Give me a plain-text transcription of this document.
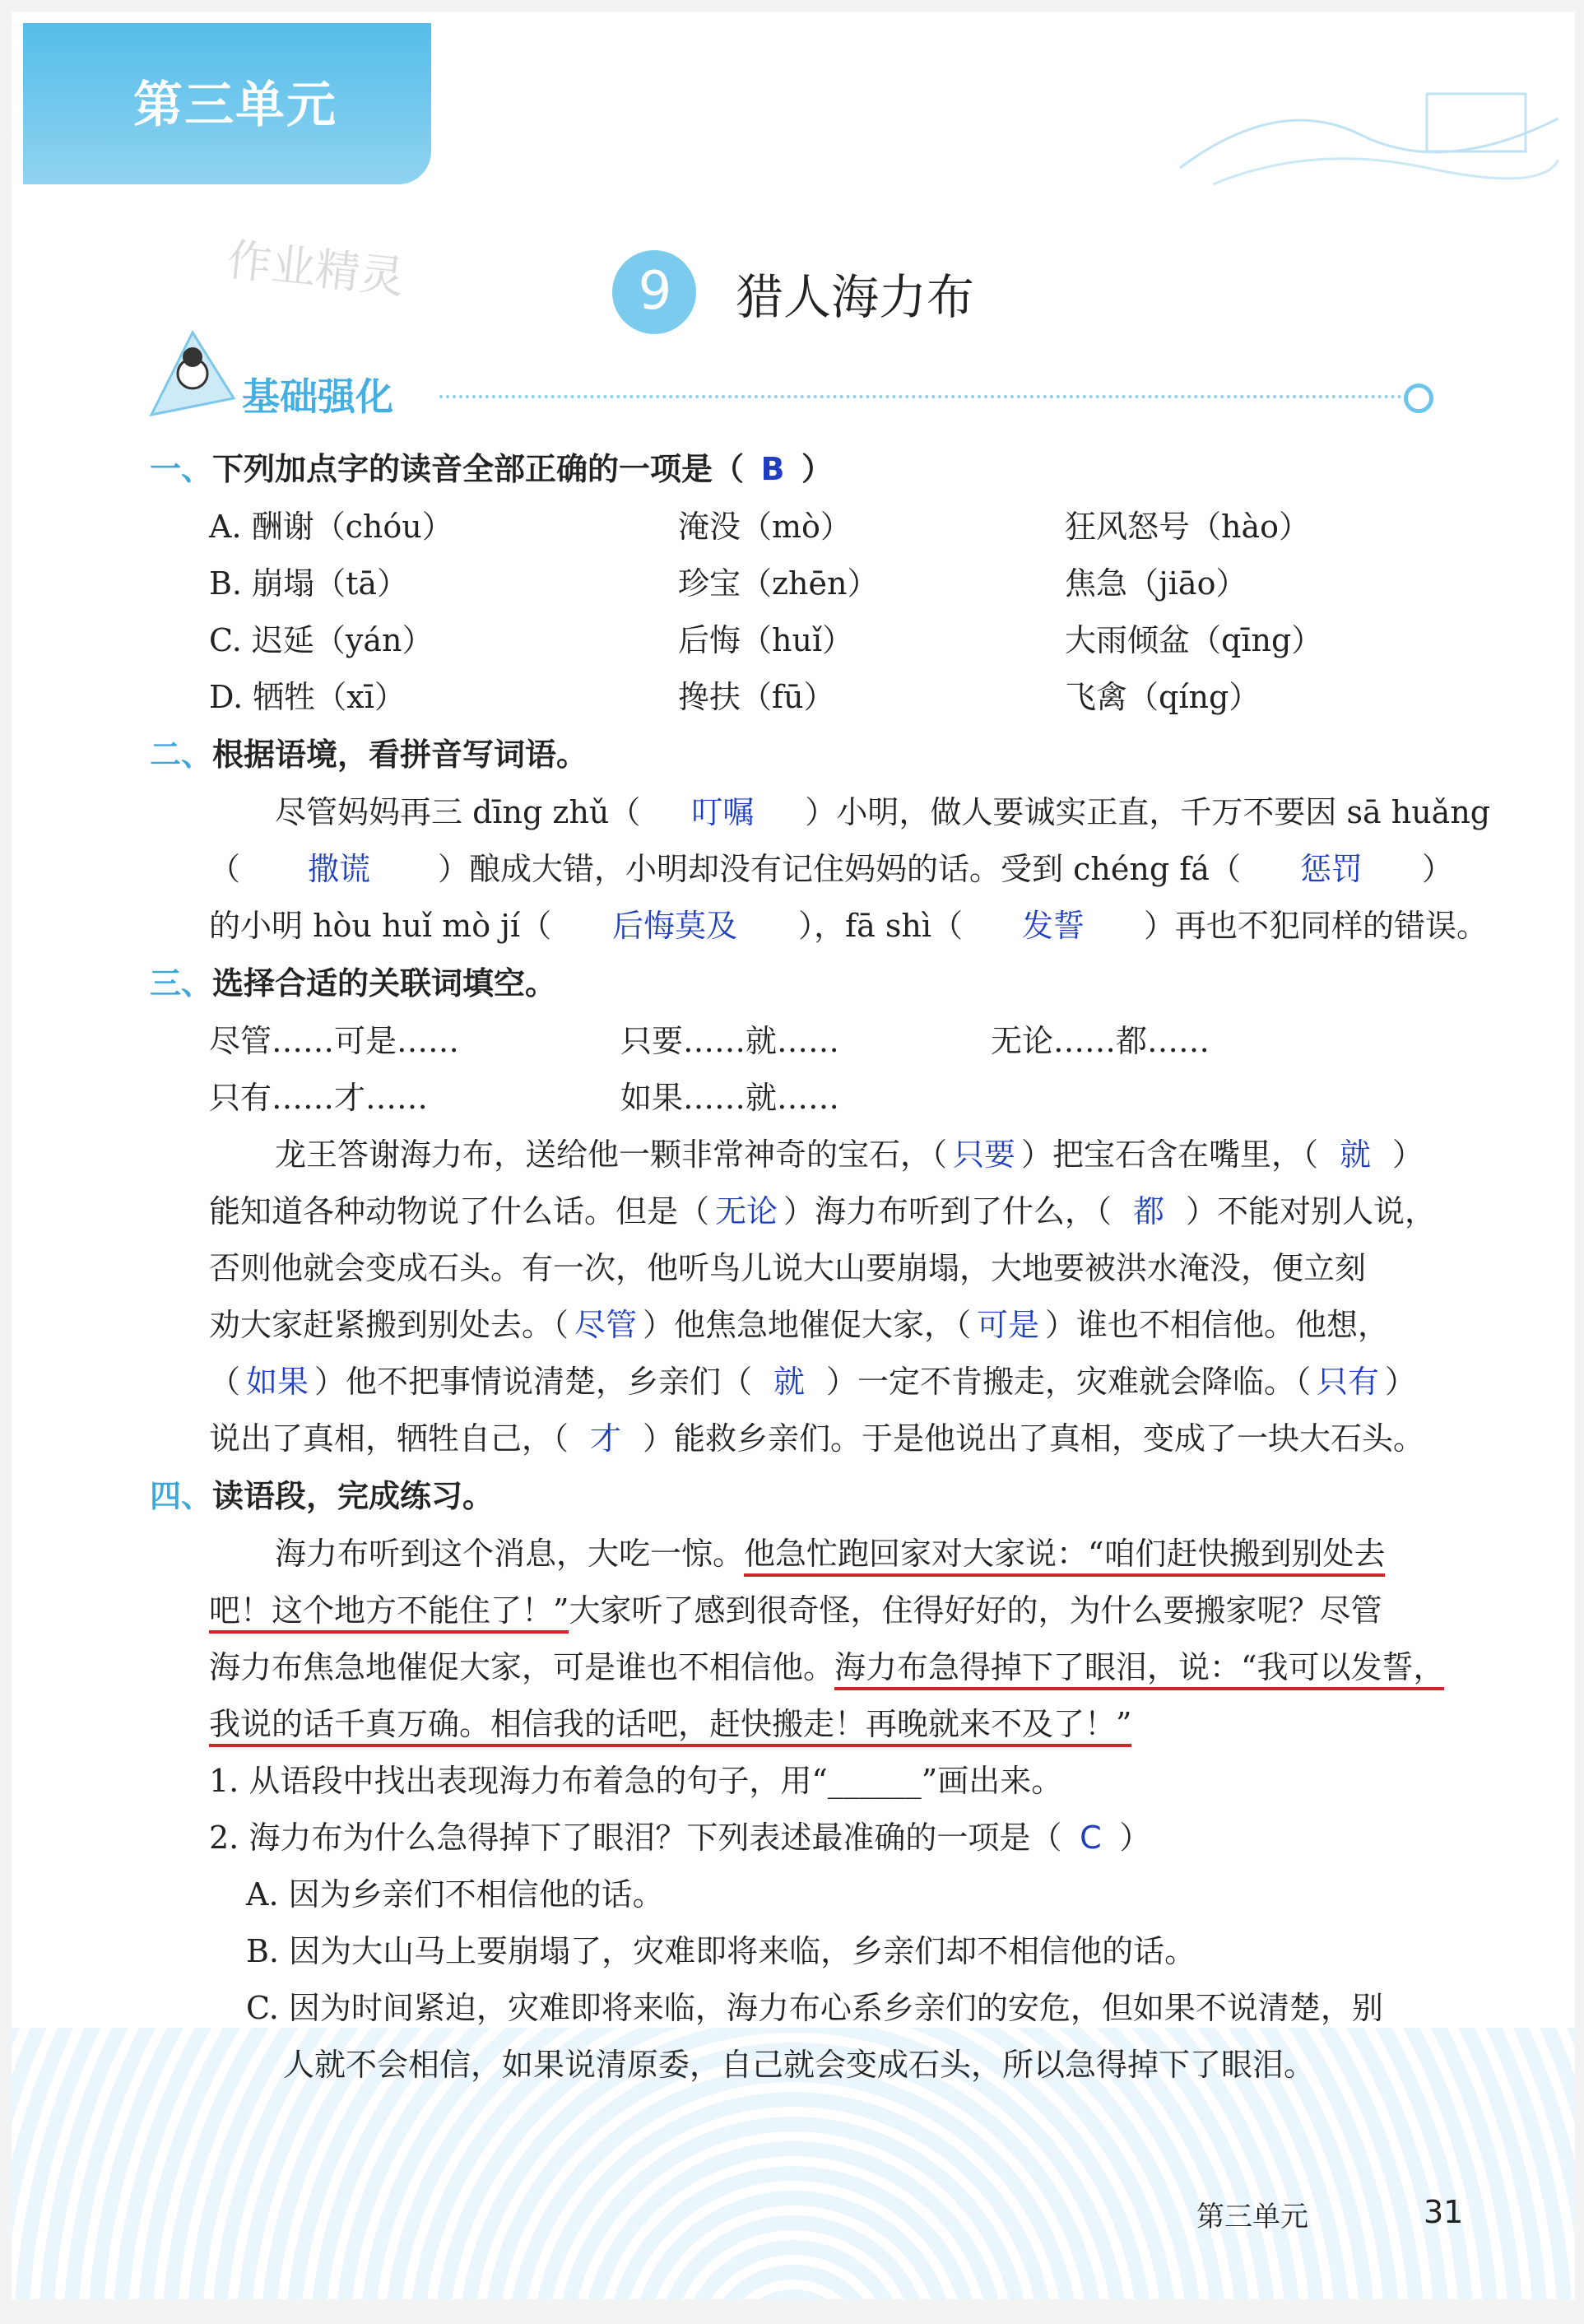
第三单元
作业精灵	9 猎人海力布
基础强化
一、下列加点字的读音全部正确的一项是（ B ）
A. 酬谢（chóu）	淹没（mò）	狂风怒号（hào）
B. 崩塌（tā）	珍宝（zhēn）	焦急（jiāo）
C. 迟延（yán）	后悔（huǐ）	大雨倾盆（qīng）
D. 牺牲（xī）	搀扶（fū）	飞禽（qíng）
二、根据语境，看拼音写词语。
尽管妈妈再三 dīng zhǔ（ 叮嘱 ）小明，做人要诚实正直，千万不要因 sā huǎng
（ 撒谎 ）酿成大错，小明却没有记住妈妈的话。受到 chéng fá（ 惩罚 ）
的小明 hòu huǐ mò jí（ 后悔莫及 ），fā shì（ 发誓 ）再也不犯同样的错误。
三、选择合适的关联词填空。
尽管……可是……	只要……就……	无论……都……
只有……才……	如果……就……
龙王答谢海力布，送给他一颗非常神奇的宝石，（ 只要 ）把宝石含在嘴里，（ 就 ）
能知道各种动物说了什么话。但是（ 无论 ）海力布听到了什么，（ 都 ）不能对别人说，
否则他就会变成石头。有一次，他听鸟儿说大山要崩塌，大地要被洪水淹没，便立刻
劝大家赶紧搬到别处去。（ 尽管 ）他焦急地催促大家，（ 可是 ）谁也不相信他。他想，
（ 如果 ）他不把事情说清楚，乡亲们（ 就 ）一定不肯搬走，灾难就会降临。（ 只有 ）
说出了真相，牺牲自己，（ 才 ）能救乡亲们。于是他说出了真相，变成了一块大石头。
四、读语段，完成练习。
海力布听到这个消息，大吃一惊。他急忙跑回家对大家说：“咱们赶快搬到别处去
吧！这个地方不能住了！”大家听了感到很奇怪，住得好好的，为什么要搬家呢？尽管
海力布焦急地催促大家，可是谁也不相信他。海力布急得掉下了眼泪，说：“我可以发誓，
我说的话千真万确。相信我的话吧，赶快搬走！再晚就来不及了！”
1. 从语段中找出表现海力布着急的句子，用“______”画出来。
2. 海力布为什么急得掉下了眼泪？下列表述最准确的一项是（ C ）
A. 因为乡亲们不相信他的话。
B. 因为大山马上要崩塌了，灾难即将来临，乡亲们却不相信他的话。
C. 因为时间紧迫，灾难即将来临，海力布心系乡亲们的安危，但如果不说清楚，别
人就不会相信，如果说清原委，自己就会变成石头，所以急得掉下了眼泪。
第三单元	31
